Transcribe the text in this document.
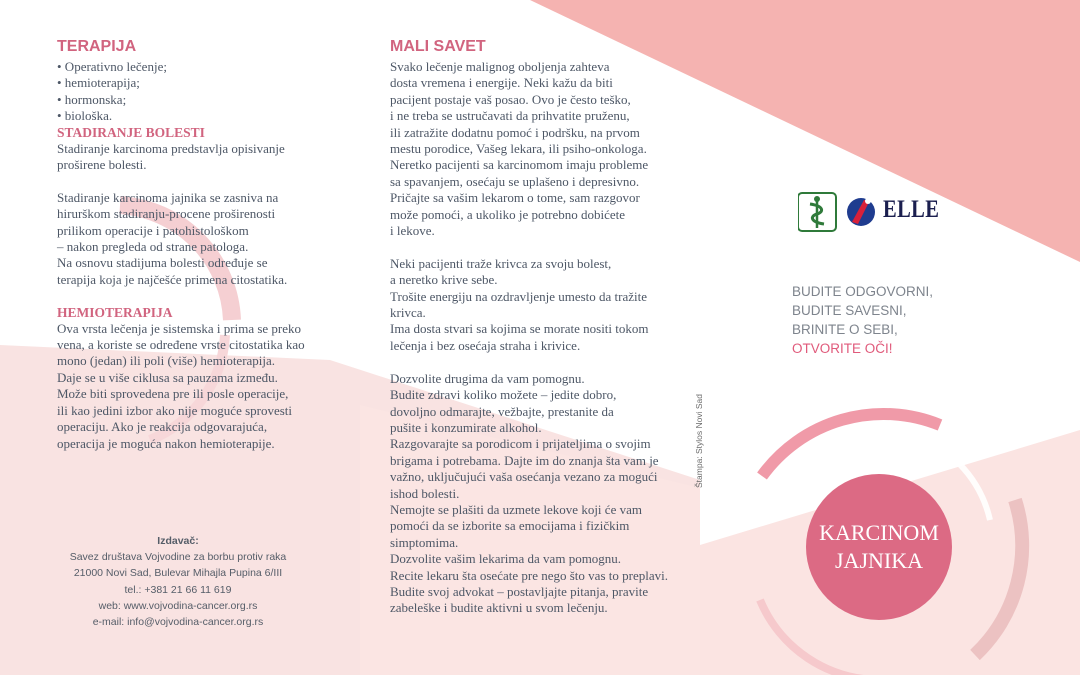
TERAPIJA
• Operativno lečenje;
• hemioterapija;
• hormonska;
• biološka.
STADIRANJE BOLESTI
Stadiranje karcinoma predstavlja opisivanje
proširene bolesti.
Stadiranje karcinoma jajnika se zasniva na
hirurškom stadiranju-procene proširenosti
prilikom operacije i patohistološkom
– nakon pregleda od strane patologa.
Na osnovu stadijuma bolesti određuje se
terapija koja je najčešće primena citostatika.
HEMIOTERAPIJA
Ova vrsta lečenja je sistemska i prima se preko
vena, a koriste se određene vrste citostatika kao
mono (jedan) ili poli (više) hemioterapija.
Daje se u više ciklusa sa pauzama između.
Može biti sprovedena pre ili posle operacije,
ili kao jedini izbor ako nije moguće sprovesti
operaciju. Ako je reakcija odgovarajuća,
operacija je moguća nakon hemioterapije.
Izdavač:
Savez društava Vojvodine za borbu protiv raka
21000 Novi Sad, Bulevar Mihajla Pupina 6/III
tel.: +381 21 66 11 619
web: www.vojvodina-cancer.org.rs
e-mail: info@vojvodina-cancer.org.rs
MALI SAVET
Svako lečenje malignog oboljenja zahteva
dosta vremena i energije. Neki kažu da biti
pacijent postaje vaš posao. Ovo je često teško,
i ne treba se ustručavati da prihvatite pruženu,
ili zatražite dodatnu pomoć i podršku, na prvom
mestu porodice, Vašeg lekara, ili psiho-onkologa.
Neretko pacijenti sa karcinomom imaju probleme
sa spavanjem, osećaju se uplašeno i depresivno.
Pričajte sa vašim lekarom o tome, sam razgovor
može pomoći, a ukoliko je potrebno dobićete
i lekove.
Neki pacijenti traže krivca za svoju bolest,
a neretko krive sebe.
Trošite energiju na ozdravljenje umesto da tražite
krivca.
Ima dosta stvari sa kojima se morate nositi tokom
lečenja i bez osećaja straha i krivice.
Dozvolite drugima da vam pomognu.
Budite zdravi koliko možete – jedite dobro,
dovoljno odmarajte, vežbajte, prestanite da
pušite i konzumirate alkohol.
Razgovarajte sa porodicom i prijateljima o svojim
brigama i potrebama. Dajte im do znanja šta vam je
važno, uključujući vaša osećanja vezano za mogući
ishod bolesti.
Nemojte se plašiti da uzmete lekove koji će vam
pomoći da se izborite sa emocijama i fizičkim
simptomima.
Dozvolite vašim lekarima da vam pomognu.
Recite lekaru šta osećate pre nego što vas to preplavi.
Budite svoj advokat – postavljajte pitanja, pravite
zabeleške i budite aktivni u svom lečenju.
Štampa: Stylos Novi Sad
ELLE
BUDITE ODGOVORNI,
BUDITE SAVESNI,
BRINITE O SEBI,
OTVORITE OČI!
KARCINOM
JAJNIKA
